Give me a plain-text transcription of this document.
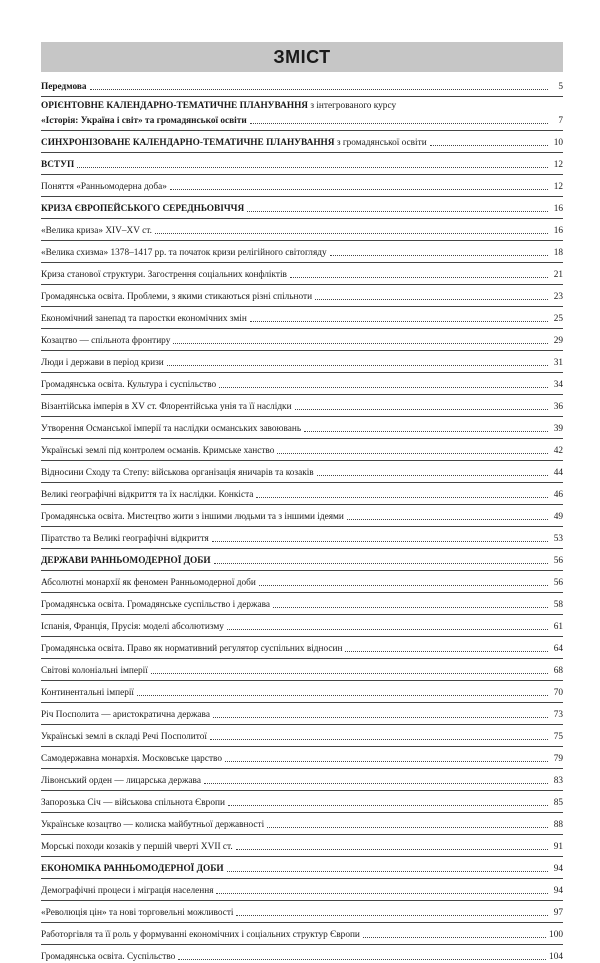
ЗМІСТ
Передмова	5
ОРІЄНТОВНЕ КАЛЕНДАРНО-ТЕМАТИЧНЕ ПЛАНУВАННЯ з інтегрованого курсу
«Історія: Україна і світ» та громадянської освіти	7
СИНХРОНІЗОВАНЕ КАЛЕНДАРНО-ТЕМАТИЧНЕ ПЛАНУВАННЯ з громадянської освіти	10
ВСТУП	12
Поняття «Ранньомодерна доба»	12
КРИЗА ЄВРОПЕЙСЬКОГО СЕРЕДНЬОВІЧЧЯ	16
«Велика криза» XIV–XV ст.	16
«Велика схизма» 1378–1417 рр. та початок кризи релігійного світогляду	18
Криза станової структури. Загострення соціальних конфліктів	21
Громадянська освіта. Проблеми, з якими стикаються різні спільноти	23
Економічний занепад та паростки економічних змін	25
Козацтво — спільнота фронтиру	29
Люди і держави в період кризи	31
Громадянська освіта. Культура і суспільство	34
Візантійська імперія в XV ст. Флорентійська унія та її наслідки	36
Утворення Османської імперії та наслідки османських завоювань	39
Українські землі під контролем османів. Кримське ханство	42
Відносини Сходу та Степу: військова організація яничарів та козаків	44
Великі географічні відкриття та їх наслідки. Конкіста	46
Громадянська освіта. Мистецтво жити з іншими людьми та з іншими ідеями	49
Піратство та Великі географічні відкриття	53
ДЕРЖАВИ РАННЬОМОДЕРНОЇ ДОБИ	56
Абсолютні монархії як феномен Ранньомодерної доби	56
Громадянська освіта. Громадянське суспільство і держава	58
Іспанія, Франція, Прусія: моделі абсолютизму	61
Громадянська освіта. Право як нормативний регулятор суспільних відносин	64
Світові колоніальні імперії	68
Континентальні імперії	70
Річ Посполита — аристократична держава	73
Українські землі в складі Речі Посполитої	75
Самодержавна монархія. Московське царство	79
Лівонський орден — лицарська держава	83
Запорозька Січ — військова спільнота Європи	85
Українське козацтво — колиска майбутньої державності	88
Морські походи козаків у першій чверті XVII ст.	91
ЕКОНОМІКА РАННЬОМОДЕРНОЇ ДОБИ	94
Демографічні процеси і міграція населення	94
«Революція цін» та нові торговельні можливості	97
Работоргівля та її роль у формуванні економічних і соціальних структур Європи	100
Громадянська освіта. Суспільство	104
